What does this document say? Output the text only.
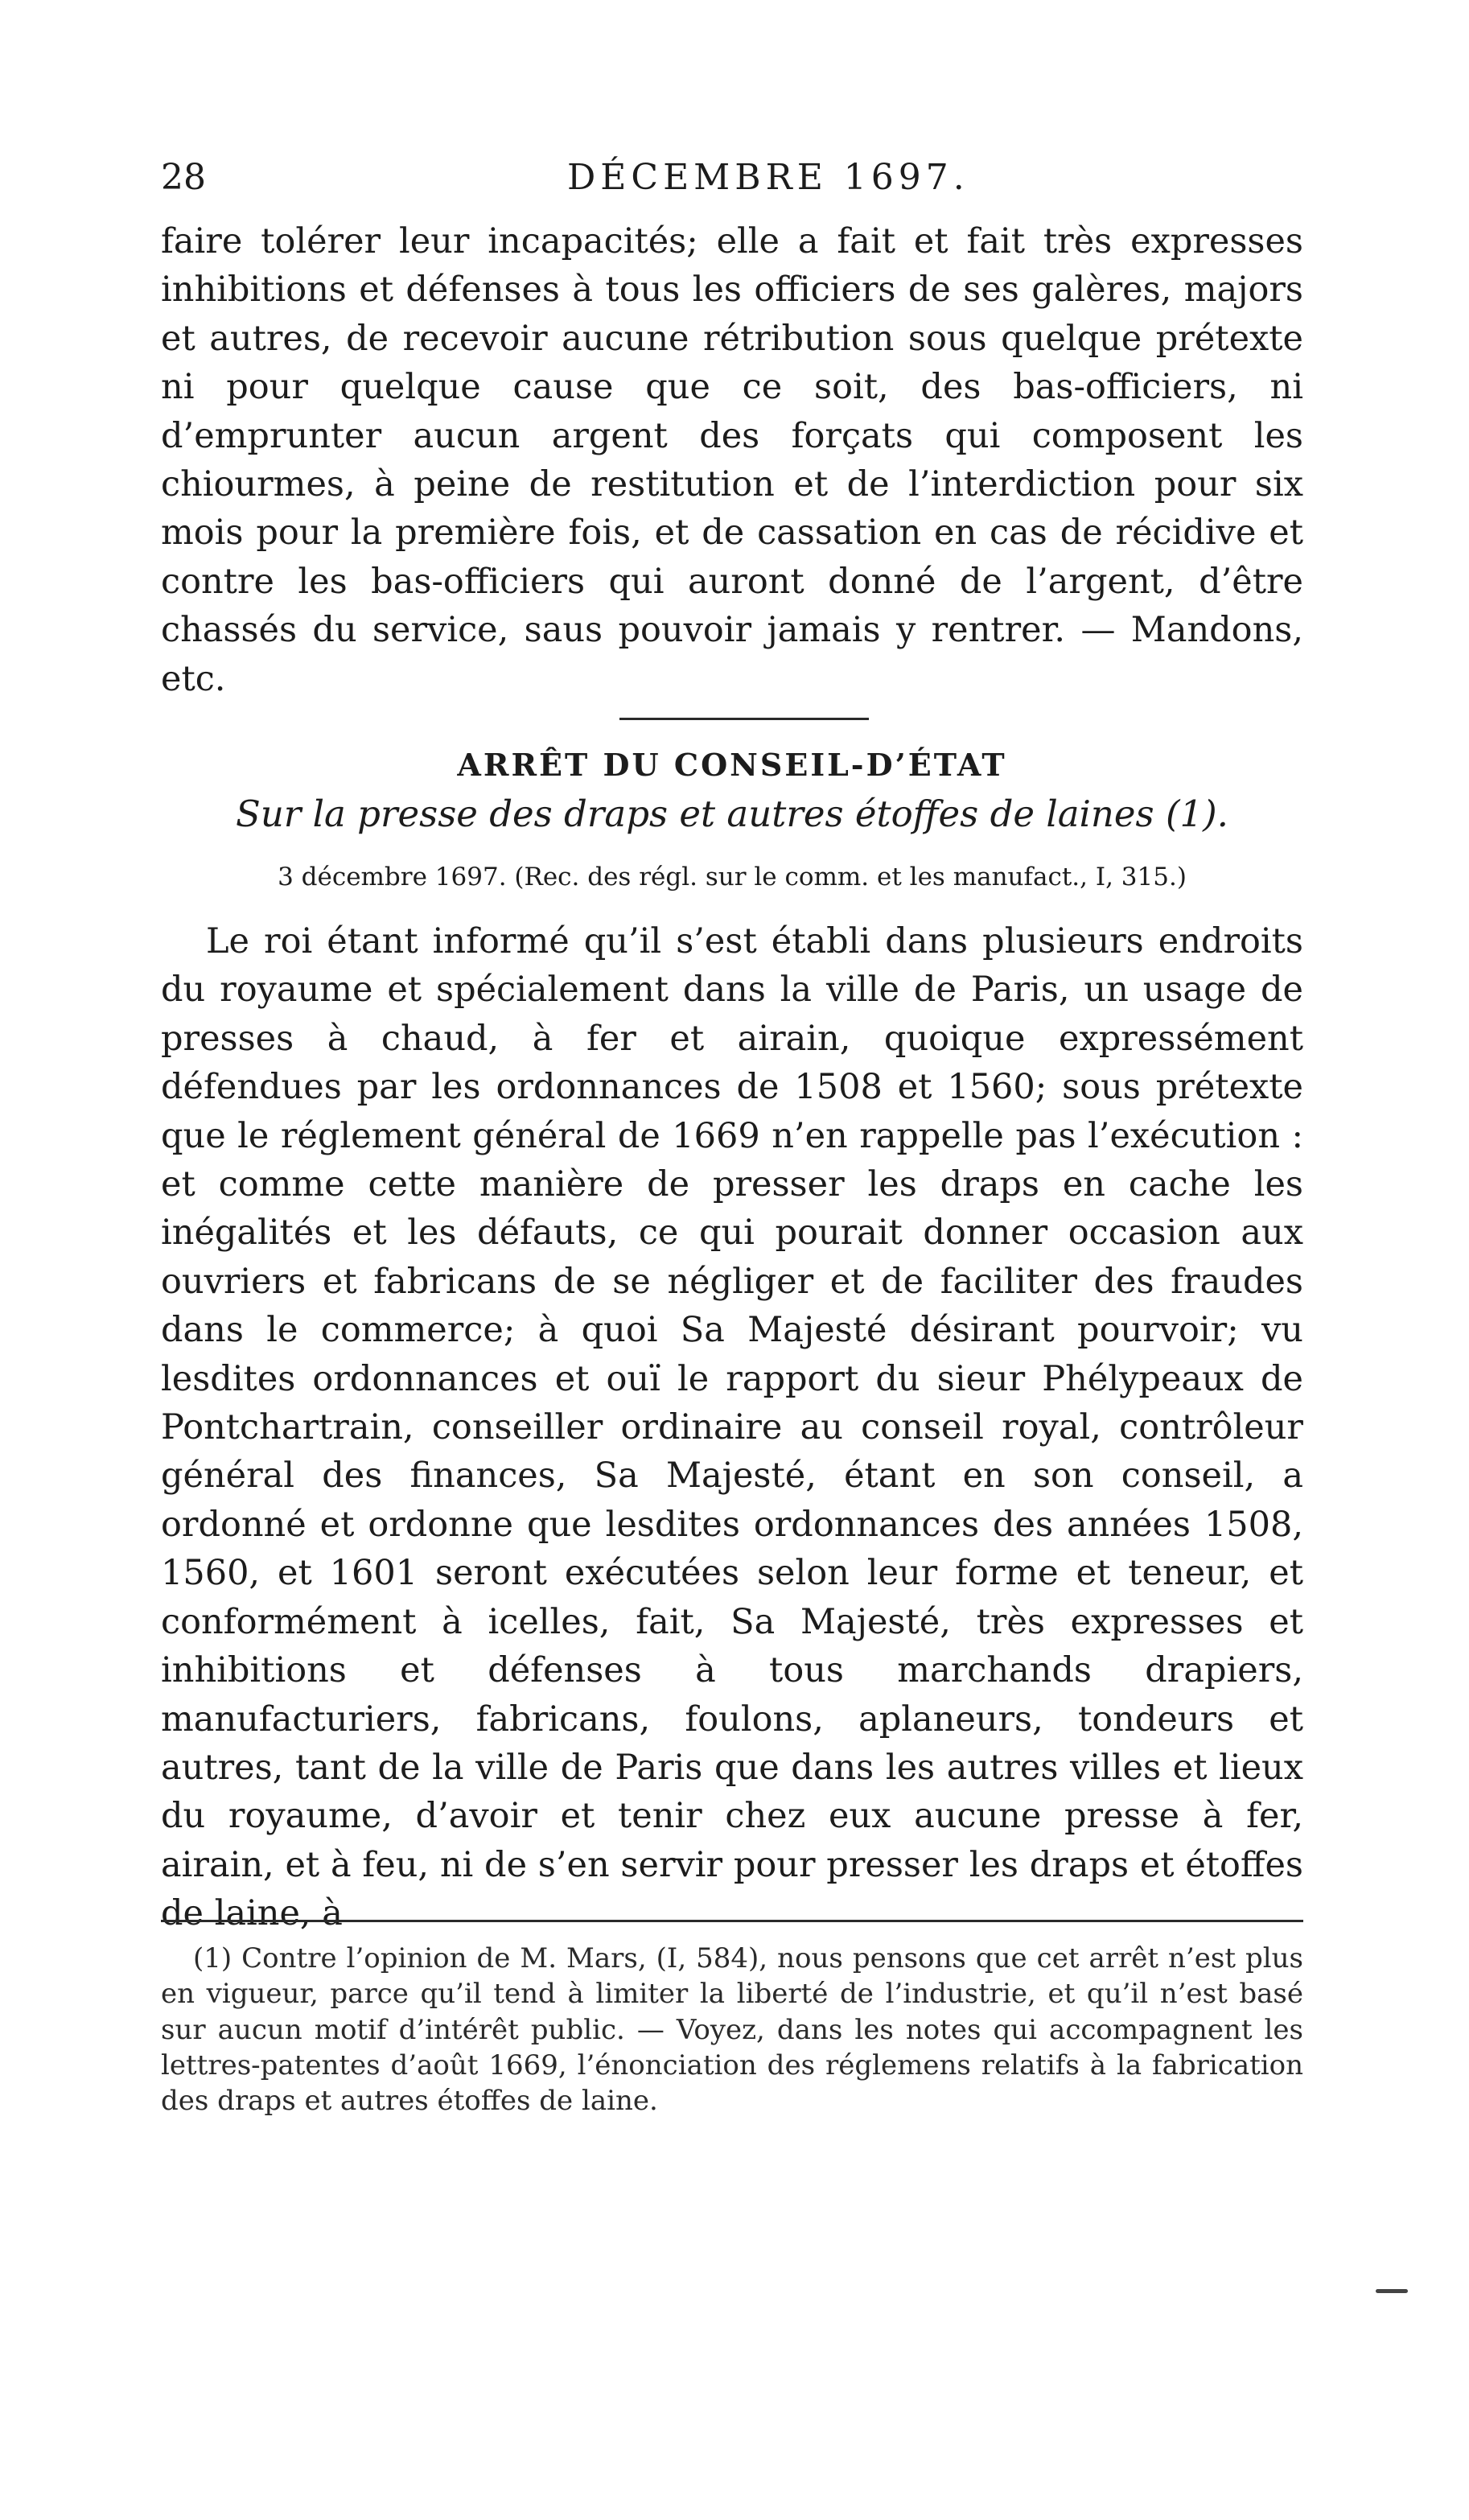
28	DÉCEMBRE 1697.

faire tolérer leur incapacités; elle a fait et fait très expresses inhibitions et défenses à tous les officiers de ses galères, majors et autres, de recevoir aucune rétribution sous quelque prétexte ni pour quelque cause que ce soit, des bas-officiers, ni d’emprunter aucun argent des forçats qui composent les chiourmes, à peine de restitution et de l’interdiction pour six mois pour la première fois, et de cassation en cas de récidive et contre les bas-officiers qui auront donné de l’argent, d’être chassés du service, saus pouvoir jamais y rentrer. — Mandons, etc.

ARRÊT DU CONSEIL-D’ÉTAT
Sur la presse des draps et autres étoffes de laines (1).
3 décembre 1697. (Rec. des régl. sur le comm. et les manufact., I, 315.)

Le roi étant informé qu’il s’est établi dans plusieurs endroits du royaume et spécialement dans la ville de Paris, un usage de presses à chaud, à fer et airain, quoique expressément défendues par les ordonnances de 1508 et 1560; sous prétexte que le réglement général de 1669 n’en rappelle pas l’exécution : et comme cette manière de presser les draps en cache les inégalités et les défauts, ce qui pourait donner occasion aux ouvriers et fabricans de se négliger et de faciliter des fraudes dans le commerce; à quoi Sa Majesté désirant pourvoir; vu lesdites ordonnances et ouï le rapport du sieur Phélypeaux de Pontchartrain, conseiller ordinaire au conseil royal, contrôleur général des finances, Sa Majesté, étant en son conseil, a ordonné et ordonne que lesdites ordonnances des années 1508, 1560, et 1601 seront exécutées selon leur forme et teneur, et conformément à icelles, fait, Sa Majesté, très expresses et inhibitions et défenses à tous marchands drapiers, manufacturiers, fabricans, foulons, aplaneurs, tondeurs et autres, tant de la ville de Paris que dans les autres villes et lieux du royaume, d’avoir et tenir chez eux aucune presse à fer, airain, et à feu, ni de s’en servir pour presser les draps et étoffes de laine, à

(1) Contre l’opinion de M. Mars, (I, 584), nous pensons que cet arrêt n’est plus en vigueur, parce qu’il tend à limiter la liberté de l’industrie, et qu’il n’est basé sur aucun motif d’intérêt public. — Voyez, dans les notes qui accompagnent les lettres-patentes d’août 1669, l’énonciation des réglemens relatifs à la fabrication des draps et autres étoffes de laine.
